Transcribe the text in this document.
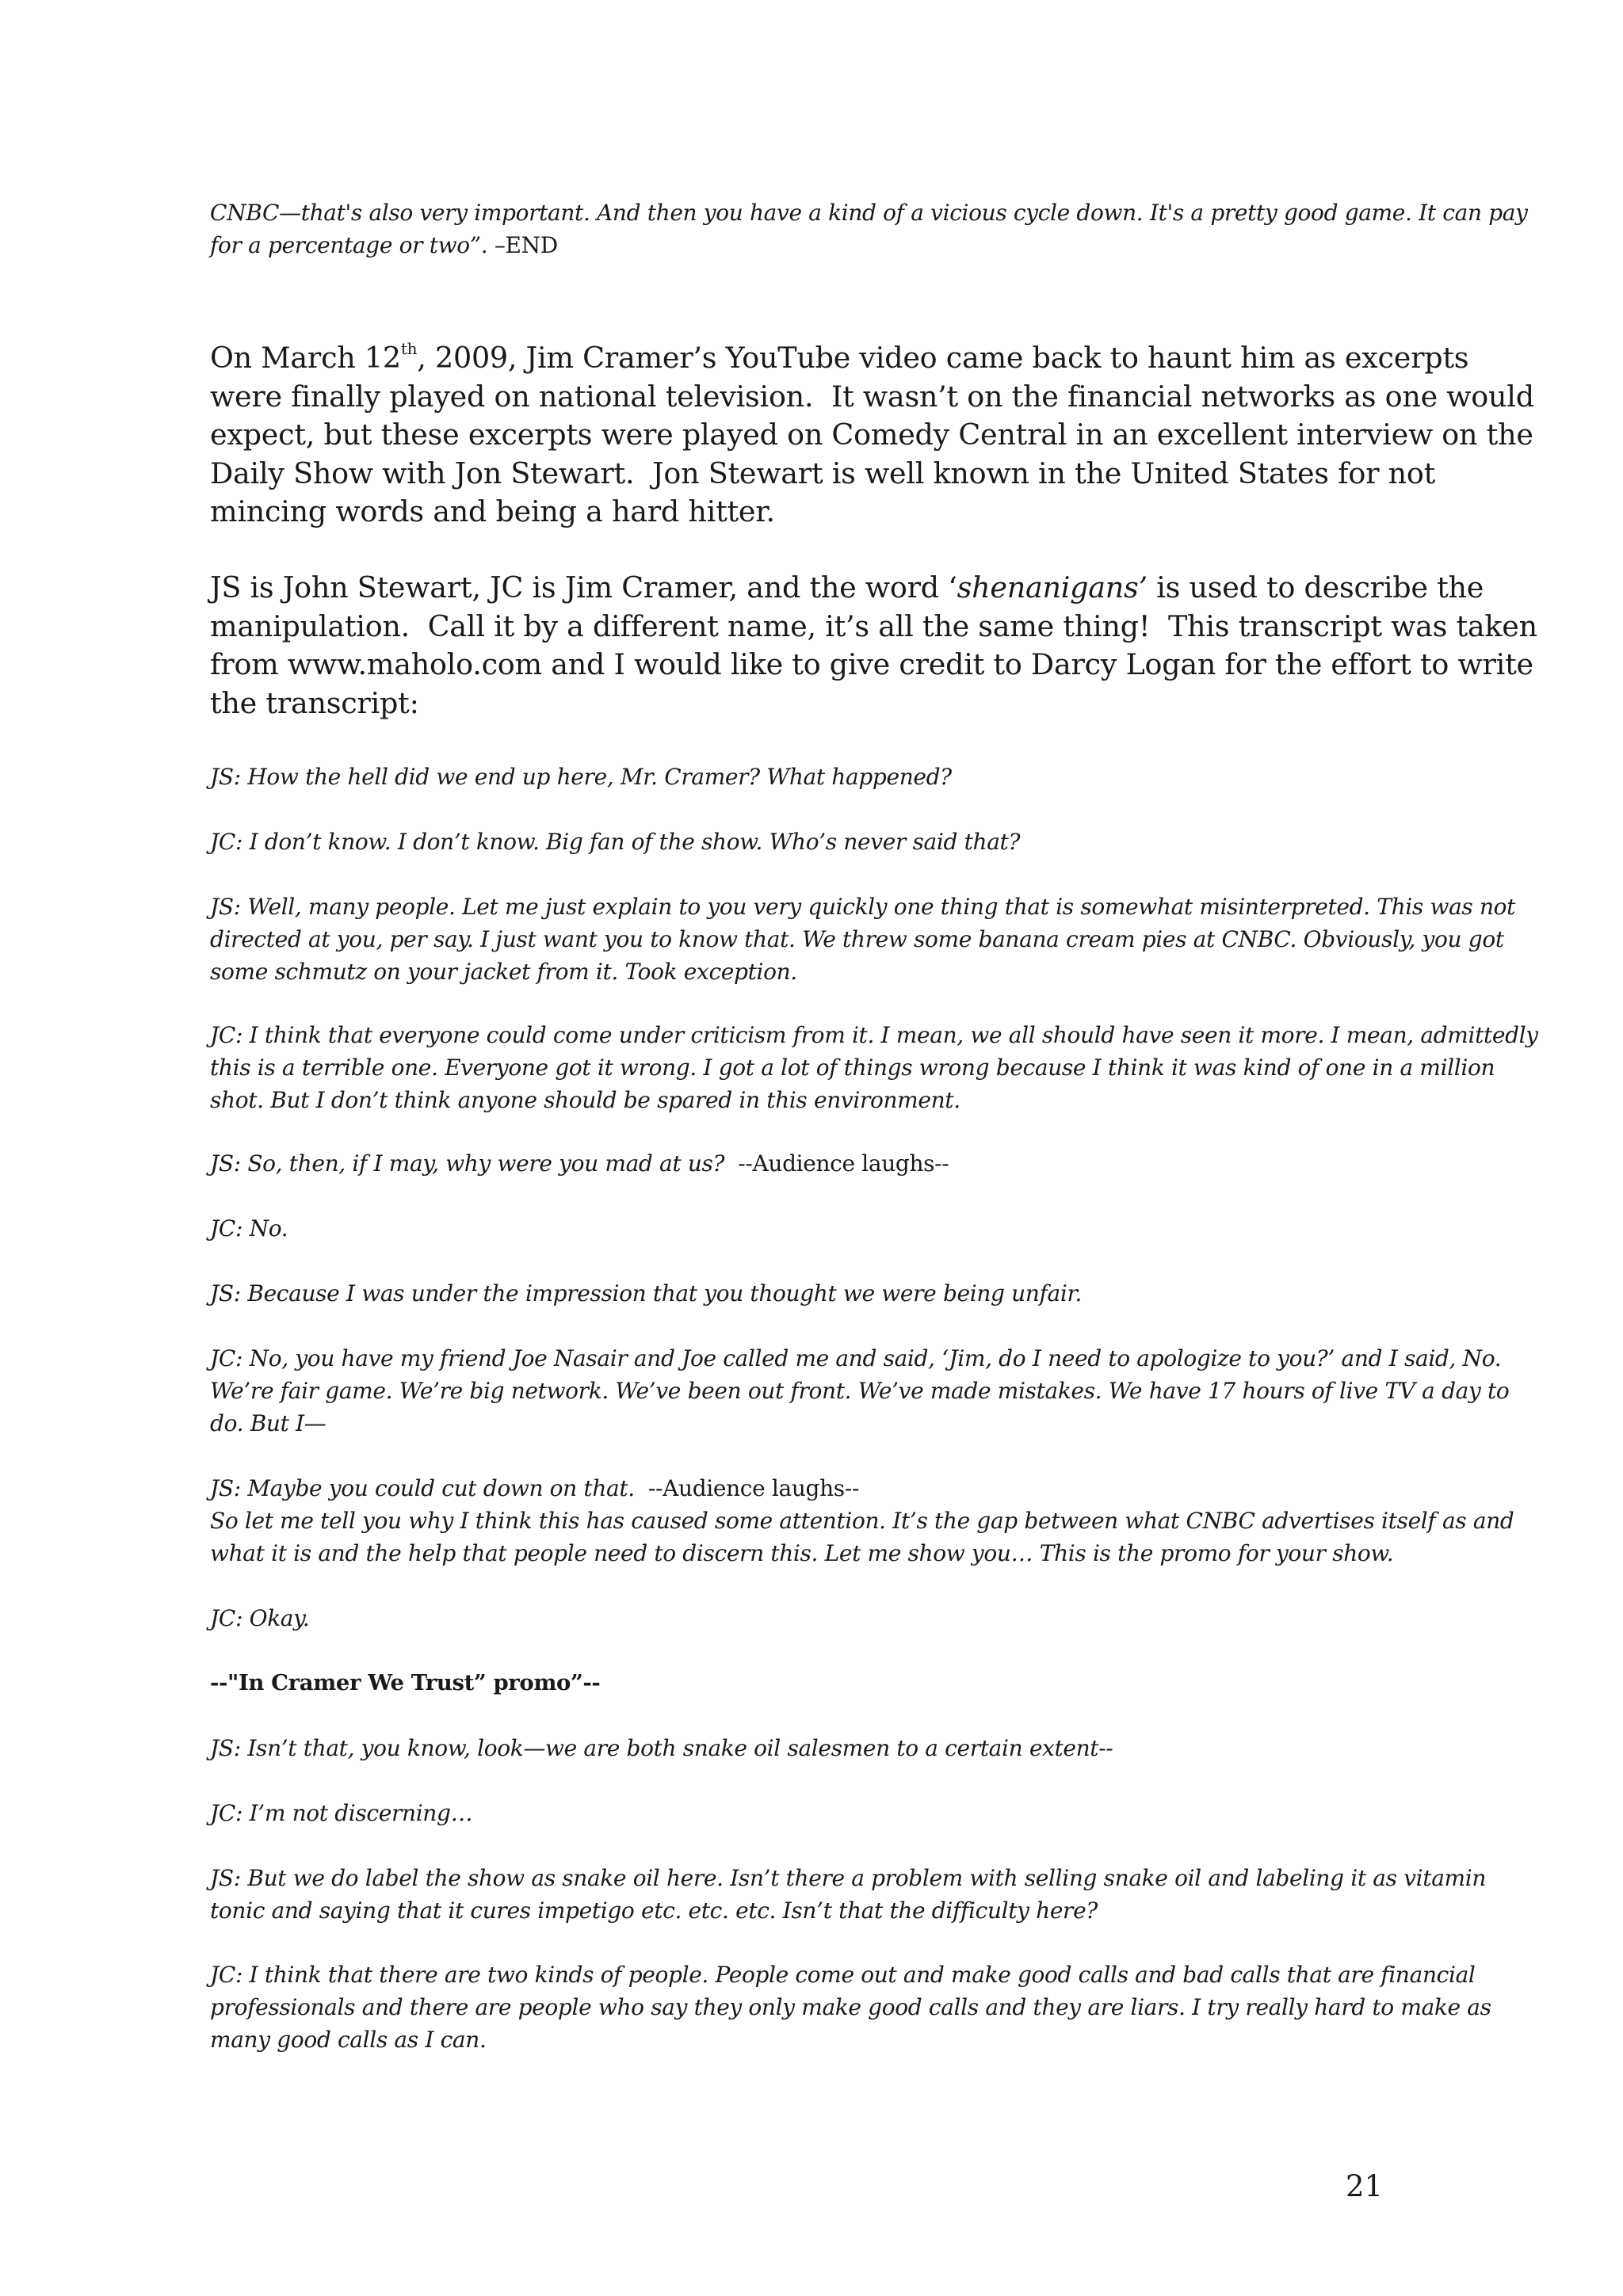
CNBC—that's also very important. And then you have a kind of a vicious cycle down. It's a pretty good game. It can pay for a percentage or two”. –END

On March 12th, 2009, Jim Cramer’s YouTube video came back to haunt him as excerpts were finally played on national television.  It wasn’t on the financial networks as one would expect, but these excerpts were played on Comedy Central in an excellent interview on the Daily Show with Jon Stewart.  Jon Stewart is well known in the United States for not mincing words and being a hard hitter.

JS is John Stewart, JC is Jim Cramer, and the word ‘shenanigans’ is used to describe the manipulation.  Call it by a different name, it’s all the same thing!  This transcript was taken from www.maholo.com and I would like to give credit to Darcy Logan for the effort to write the transcript:

JS: How the hell did we end up here, Mr. Cramer? What happened?

JC: I don’t know. I don’t know. Big fan of the show. Who’s never said that?

JS: Well, many people. Let me just explain to you very quickly one thing that is somewhat misinterpreted. This was not directed at you, per say. I just want you to know that. We threw some banana cream pies at CNBC. Obviously, you got some schmutz on your jacket from it. Took exception.

JC: I think that everyone could come under criticism from it. I mean, we all should have seen it more. I mean, admittedly this is a terrible one. Everyone got it wrong. I got a lot of things wrong because I think it was kind of one in a million shot. But I don’t think anyone should be spared in this environment.

JS: So, then, if I may, why were you mad at us?  --Audience laughs--

JC: No.

JS: Because I was under the impression that you thought we were being unfair.

JC: No, you have my friend Joe Nasair and Joe called me and said, ‘Jim, do I need to apologize to you?’ and I said, No. We’re fair game. We’re big network. We’ve been out front. We’ve made mistakes. We have 17 hours of live TV a day to do. But I—

JS: Maybe you could cut down on that.  --Audience laughs--

So let me tell you why I think this has caused some attention. It’s the gap between what CNBC advertises itself as and what it is and the help that people need to discern this. Let me show you… This is the promo for your show.

JC: Okay.

--"In Cramer We Trust” promo”--

JS: Isn’t that, you know, look—we are both snake oil salesmen to a certain extent--

JC: I’m not discerning…

JS: But we do label the show as snake oil here. Isn’t there a problem with selling snake oil and labeling it as vitamin tonic and saying that it cures impetigo etc. etc. etc. Isn’t that the difficulty here?

JC: I think that there are two kinds of people. People come out and make good calls and bad calls that are financial professionals and there are people who say they only make good calls and they are liars. I try really hard to make as many good calls as I can.

21
